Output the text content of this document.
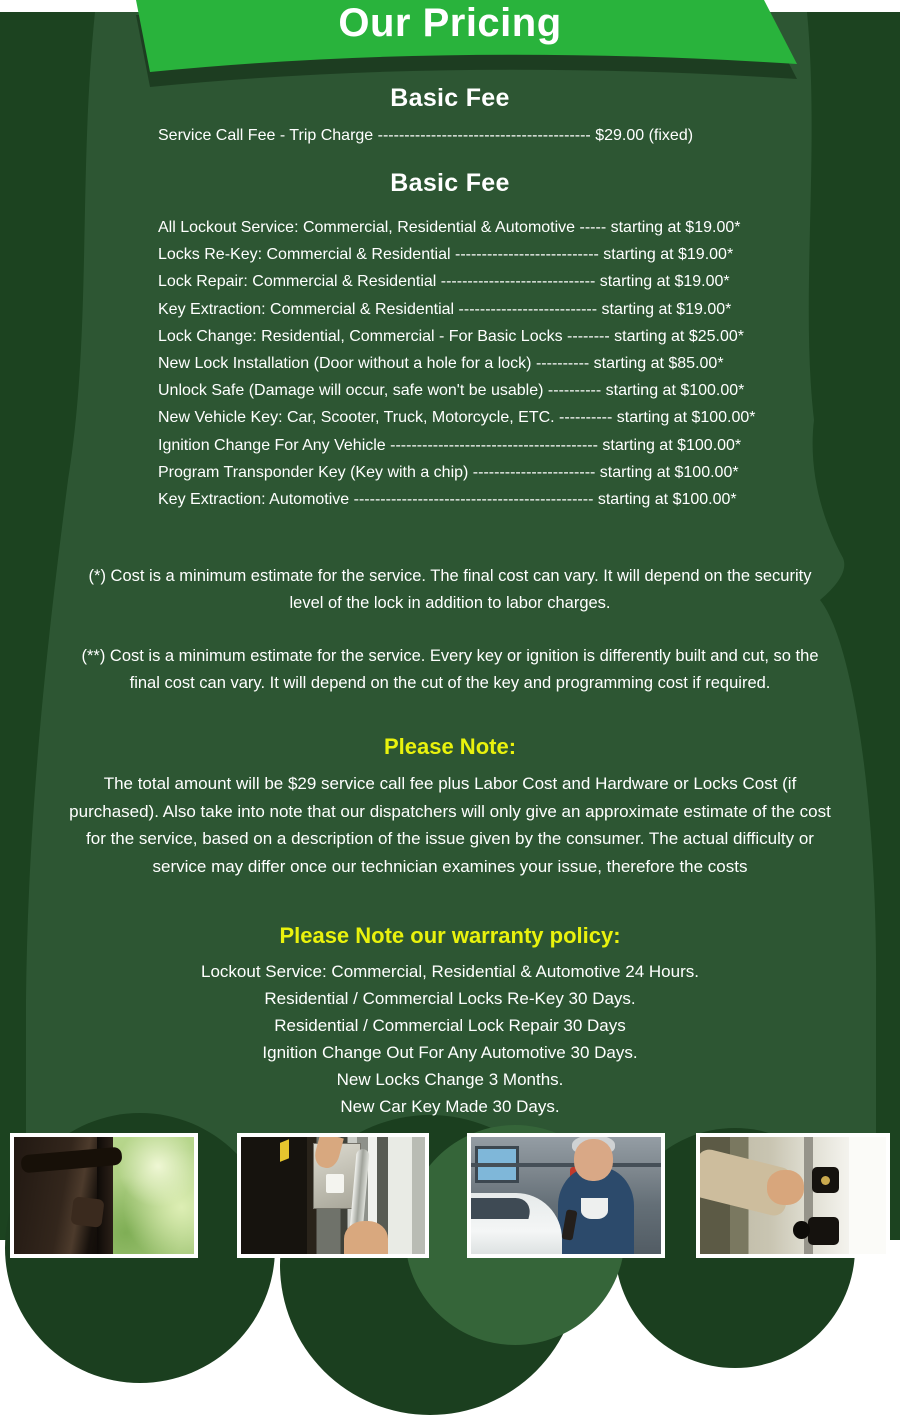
Our Pricing
Basic Fee

Service Call Fee - Trip Charge ---------------------------------------- $29.00 (fixed)

Basic Fee

All Lockout Service: Commercial, Residential & Automotive ----- starting at $19.00*

Locks Re-Key: Commercial & Residential --------------------------- starting at $19.00*

Lock Repair: Commercial & Residential ----------------------------- starting at $19.00*

Key Extraction: Commercial & Residential -------------------------- starting at $19.00*

Lock Change: Residential, Commercial - For Basic Locks -------- starting at $25.00*

New Lock Installation (Door without a hole for a lock) ---------- starting at $85.00*

Unlock Safe (Damage will occur, safe won't be usable) ---------- starting at $100.00*

New Vehicle Key: Car, Scooter, Truck, Motorcycle, ETC. ---------- starting at $100.00*

Ignition Change For Any Vehicle --------------------------------------- starting at $100.00*

Program Transponder Key (Key with a chip) ----------------------- starting at $100.00*

Key Extraction: Automotive --------------------------------------------- starting at $100.00*

(*) Cost is a minimum estimate for the service. The final cost can vary. It will depend on the security level of the lock in addition to labor charges.

(**) Cost is a minimum estimate for the service. Every key or ignition is differently built and cut, so the final cost can vary. It will depend on the cut of the key and programming cost if required.

Please Note:

The total amount will be $29 service call fee plus Labor Cost and Hardware or Locks Cost (if purchased). Also take into note that our dispatchers will only give an approximate estimate of the cost for the service, based on a description of the issue given by the consumer. The actual difficulty or service may differ once our technician examines your issue, therefore the costs

Please Note our warranty policy:

Lockout Service: Commercial, Residential & Automotive 24 Hours.

Residential / Commercial Locks Re-Key 30 Days.

Residential / Commercial Lock Repair 30 Days

Ignition Change Out For Any Automotive 30 Days.

New Locks Change 3 Months.

New Car Key Made 30 Days.
